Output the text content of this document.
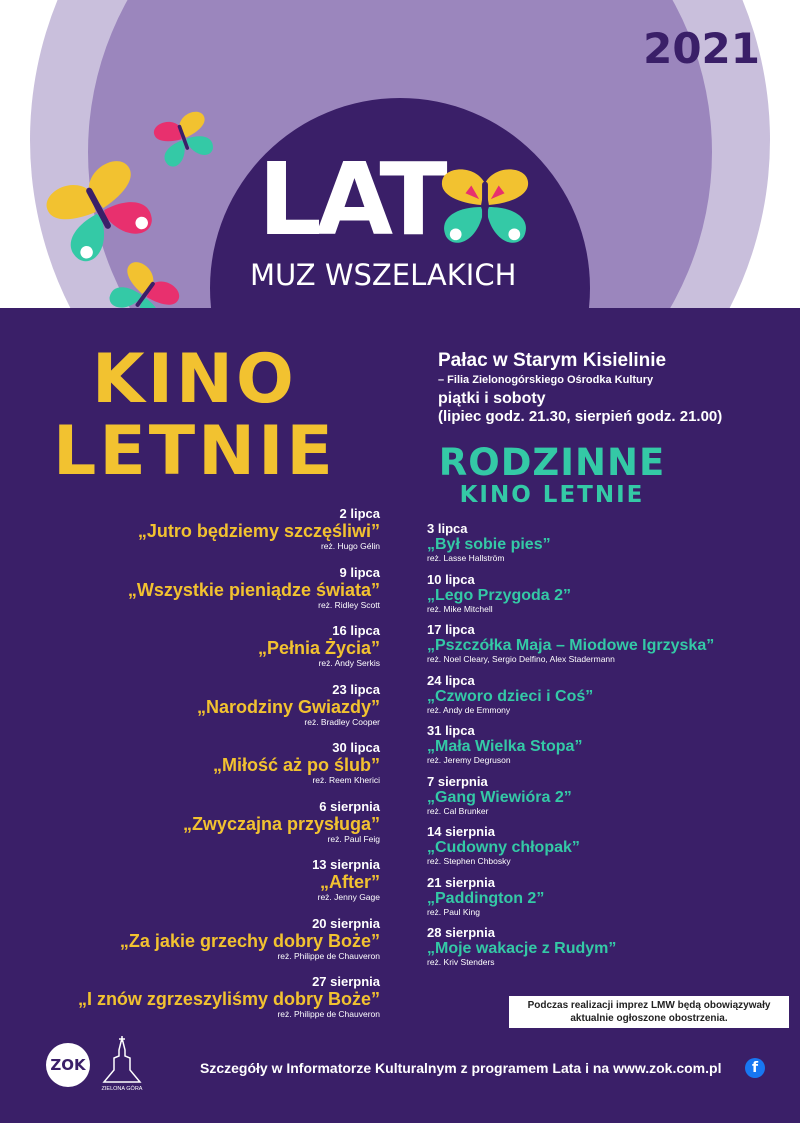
2021
LAT
MUZ WSZELAKICH
KINO
LETNIE
Pałac w Starym Kisielinie
– Filia Zielonogórskiego Ośrodka Kultury
piątki i soboty
(lipiec godz. 21.30, sierpień godz. 21.00)
RODZINNE
KINO LETNIE
2 lipca
„Jutro będziemy szczęśliwi”
reż. Hugo Gélin
9 lipca
„Wszystkie pieniądze świata”
reż. Ridley Scott
16 lipca
„Pełnia Życia”
reż. Andy Serkis
23 lipca
„Narodziny Gwiazdy”
reż. Bradley Cooper
30 lipca
„Miłość aż po ślub”
reż. Reem Kherici
6 sierpnia
„Zwyczajna przysługa”
reż. Paul Feig
13 sierpnia
„After”
reż. Jenny Gage
20 sierpnia
„Za jakie grzechy dobry Boże”
reż. Philippe de Chauveron
27 sierpnia
„I znów zgrzeszyliśmy dobry Boże”
reż. Philippe de Chauveron
3 lipca
„Był sobie pies”
reż. Lasse Hallström
10 lipca
„Lego Przygoda 2”
reż. Mike Mitchell
17 lipca
„Pszczółka Maja – Miodowe Igrzyska”
reż. Noel Cleary, Sergio Delfino, Alex Stadermann
24 lipca
„Czworo dzieci i Coś”
reż. Andy de Emmony
31 lipca
„Mała Wielka Stopa”
reż. Jeremy Degruson
7 sierpnia
„Gang Wiewióra 2”
reż. Cal Brunker
14 sierpnia
„Cudowny chłopak”
reż. Stephen Chbosky
21 sierpnia
„Paddington 2”
reż. Paul King
28 sierpnia
„Moje wakacje z Rudym”
reż. Kriv Stenders
Podczas realizacji imprez LMW będą obowiązywały
aktualnie ogłoszone obostrzenia.
ZOK
ZIELONA GÓRA
Szczegóły w Informatorze Kulturalnym z programem Lata i na www.zok.com.pl	f
